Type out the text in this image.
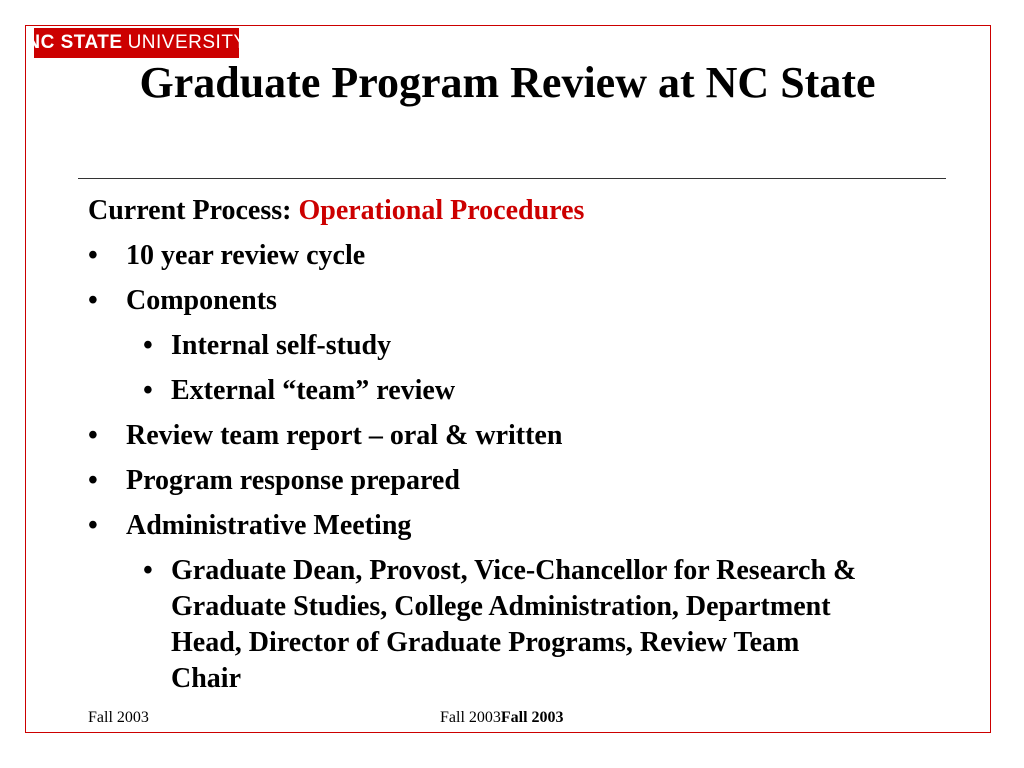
NC STATE UNIVERSITY
Graduate Program Review at NC State
Current Process: Operational Procedures
• 10 year review cycle
• Components
• Internal self-study
• External “team” review
• Review team report – oral & written
• Program response prepared
• Administrative Meeting
• Graduate Dean, Provost, Vice-Chancellor for Research & Graduate Studies, College Administration, Department Head, Director of Graduate Programs, Review Team Chair
Fall 2003	Fall 2003Fall 2003
